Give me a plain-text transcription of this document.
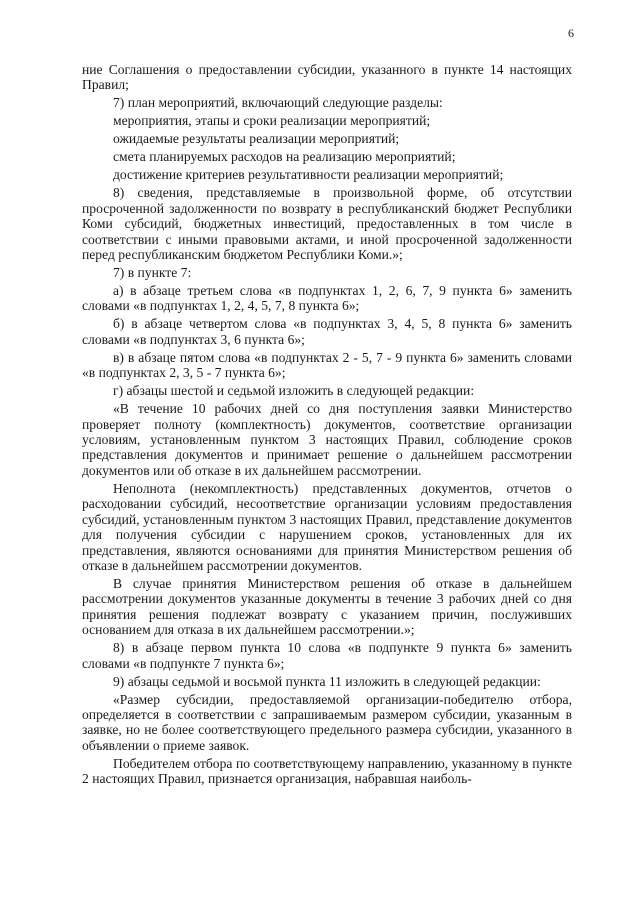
6

ние Соглашения о предоставлении субсидии, указанного в пункте 14 настоящих Правил;

7) план мероприятий, включающий следующие разделы:

мероприятия, этапы и сроки реализации мероприятий;

ожидаемые результаты реализации мероприятий;

смета планируемых расходов на реализацию мероприятий;

достижение критериев результативности реализации мероприятий;

8) сведения, представляемые в произвольной форме, об отсутствии просроченной задолженности по возврату в республиканский бюджет Республики Коми субсидий, бюджетных инвестиций, предоставленных в том числе в соответствии с иными правовыми актами, и иной просроченной задолженности перед республиканским бюджетом Республики Коми.»;

7) в пункте 7:

а) в абзаце третьем слова «в подпунктах 1, 2, 6, 7, 9 пункта 6» заменить словами «в подпунктах 1, 2, 4, 5, 7, 8 пункта 6»;

б) в абзаце четвертом слова «в подпунктах 3, 4, 5, 8 пункта 6» заменить словами «в подпунктах 3, 6 пункта 6»;

в) в абзаце пятом слова «в подпунктах 2 - 5, 7 - 9 пункта 6» заменить словами «в подпунктах 2, 3, 5 - 7 пункта 6»;

г) абзацы шестой и седьмой изложить в следующей редакции:

«В течение 10 рабочих дней со дня поступления заявки Министерство проверяет полноту (комплектность) документов, соответствие организации условиям, установленным пунктом 3 настоящих Правил, соблюдение сроков представления документов и принимает решение о дальнейшем рассмотрении документов или об отказе в их дальнейшем рассмотрении.

Неполнота (некомплектность) представленных документов, отчетов о расходовании субсидий, несоответствие организации условиям предоставления субсидий, установленным пунктом 3 настоящих Правил, представление документов для получения субсидии с нарушением сроков, установленных для их представления, являются основаниями для принятия Министерством решения об отказе в дальнейшем рассмотрении документов.

В случае принятия Министерством решения об отказе в дальнейшем рассмотрении документов указанные документы в течение 3 рабочих дней со дня принятия решения подлежат возврату с указанием причин, послуживших основанием для отказа в их дальнейшем рассмотрении.»;

8) в абзаце первом пункта 10 слова «в подпункте 9 пункта 6» заменить словами «в подпункте 7 пункта 6»;

9) абзацы седьмой и восьмой пункта 11 изложить в следующей редакции:

«Размер субсидии, предоставляемой организации-победителю отбора, определяется в соответствии с запрашиваемым размером субсидии, указанным в заявке, но не более соответствующего предельного размера субсидии, указанного в объявлении о приеме заявок.

Победителем отбора по соответствующему направлению, указанному в пункте 2 настоящих Правил, признается организация, набравшая наиболь-
